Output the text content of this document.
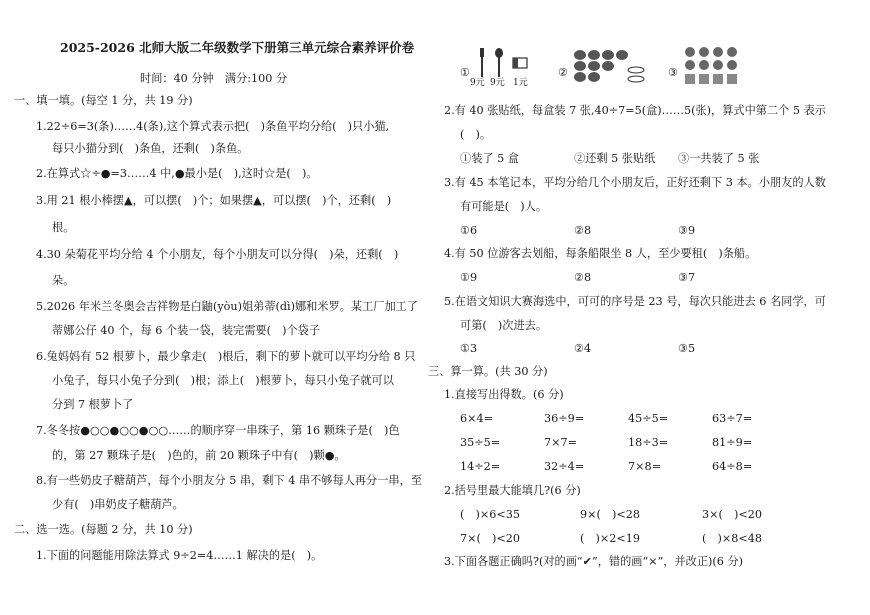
2025-2026 北师大版二年级数学下册第三单元综合素养评价卷
时间：40 分钟　满分:100 分
一、填一填。(每空 1 分，共 19 分)
1.22÷6=3(条)……4(条),这个算式表示把(　)条鱼平均分给(　)只小猫,
每只小猫分到(　)条鱼，还剩(　)条鱼。
2.在算式☆÷●=3……4 中,●最小是(　),这时☆是(　)。
3.用 21 根小棒摆▲，可以摆(　)个；如果摆▲，可以摆(　)个，还剩(　)
根。
4.30 朵菊花平均分给 4 个小朋友，每个小朋友可以分得(　)朵，还剩(　)
朵。
5.2026 年米兰冬奥会吉祥物是白鼬(yòu)姐弟蒂(dì)娜和米罗。某工厂加工了
蒂娜公仔 40 个，每 6 个装一袋，装完需要(　)个袋子
6.兔妈妈有 52 根萝卜，最少拿走(　)根后，剩下的萝卜就可以平均分给 8 只
小兔子，每只小兔子分到(　)根；添上(　)根萝卜，每只小兔子就可以
分到 7 根萝卜了
7.冬冬按●○○●○○●○○……的顺序穿一串珠子，第 16 颗珠子是(　)色
的，第 27 颗珠子是(　)色的，前 20 颗珠子中有(　)颗●。
8.有一些奶皮子糖葫芦，每个小朋友分 5 串，剩下 4 串不够每人再分一串，至
少有(　)串奶皮子糖葫芦。
二、选一选。(每题 2 分，共 10 分)
1.下面的问题能用除法算式 9÷2=4……1 解决的是(　)。
①
9元 9元 1元
②	③
2.有 40 张贴纸，每盒装 7 张,40÷7=5(盒)……5(张)，算式中第二个 5 表示
(　)。
①装了 5 盒	②还剩 5 张贴纸 ③一共装了 5 张
3.有 45 本笔记本，平均分给几个小朋友后，正好还剩下 3 本。小朋友的人数
有可能是(　)人。
①6	②8	③9
4.有 50 位游客去划船，每条船限坐 8 人，至少要租(　)条船。
①9	②8	③7
5.在语文知识大赛海选中，可可的序号是 23 号，每次只能进去 6 名同学，可
可第(　)次进去。
①3	②4	③5
三、算一算。(共 30 分)
1.直接写出得数。(6 分)
6×4=	36÷9=	45÷5=	63÷7=
35÷5=	7×7=	18÷3=	81÷9=
14÷2=	32÷4=	7×8=	64÷8=
2.括号里最大能填几?(6 分)
(　)×6<35	9×(　)<28	3×(　)<20
7×(　)<20	(　)×2<19	(　)×8<48
3.下面各题正确吗?(对的画“✔”，错的画“×”，并改正)(6 分)
